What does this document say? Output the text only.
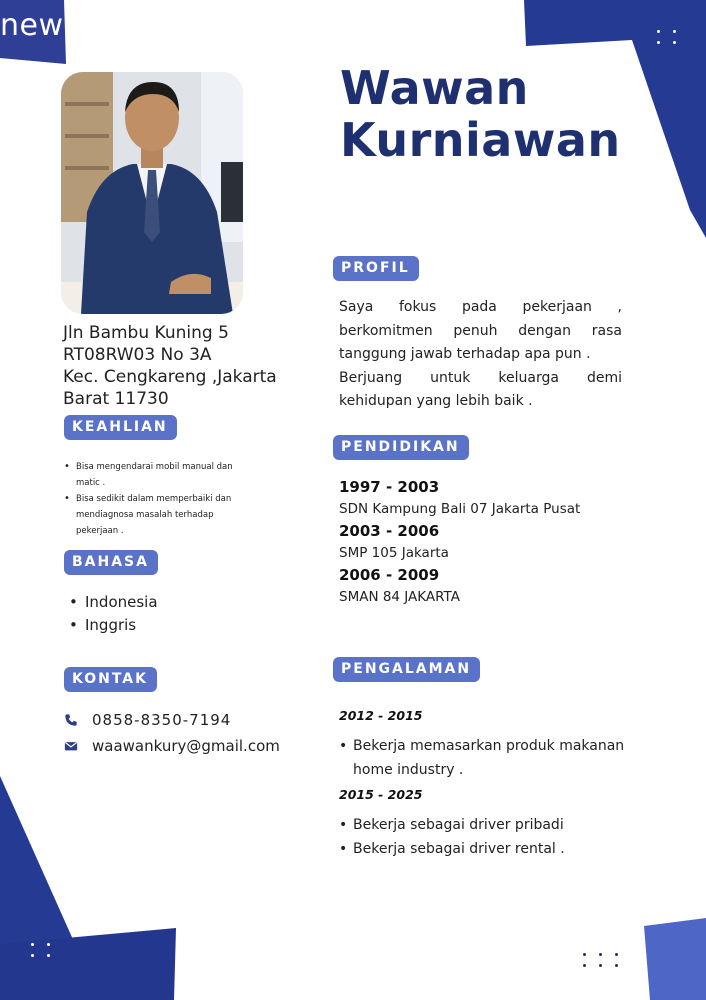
new
Jln Bambu Kuning 5
RT08RW03 No 3A
Kec. Cengkareng ,Jakarta
Barat 11730
KEAHLIAN
• Bisa mengendarai mobil manual dan
matic .
• Bisa sedikit dalam memperbaiki dan
mendiagnosa masalah terhadap
pekerjaan .
BAHASA
• Indonesia
• Inggris
KONTAK
0858-8350-7194
waawankury@gmail.com
Wawan
Kurniawan
PROFIL
Saya fokus pada pekerjaan ,
berkomitmen penuh dengan rasa
tanggung jawab terhadap apa pun .
Berjuang untuk keluarga demi
kehidupan yang lebih baik .
PENDIDIKAN
1997 - 2003
SDN Kampung Bali 07 Jakarta Pusat
2003 - 2006
SMP 105 Jakarta
2006 - 2009
SMAN 84 JAKARTA
PENGALAMAN
2012 - 2015
• Bekerja memasarkan produk makanan
home industry .
2015 - 2025
• Bekerja sebagai driver pribadi
• Bekerja sebagai driver rental .
